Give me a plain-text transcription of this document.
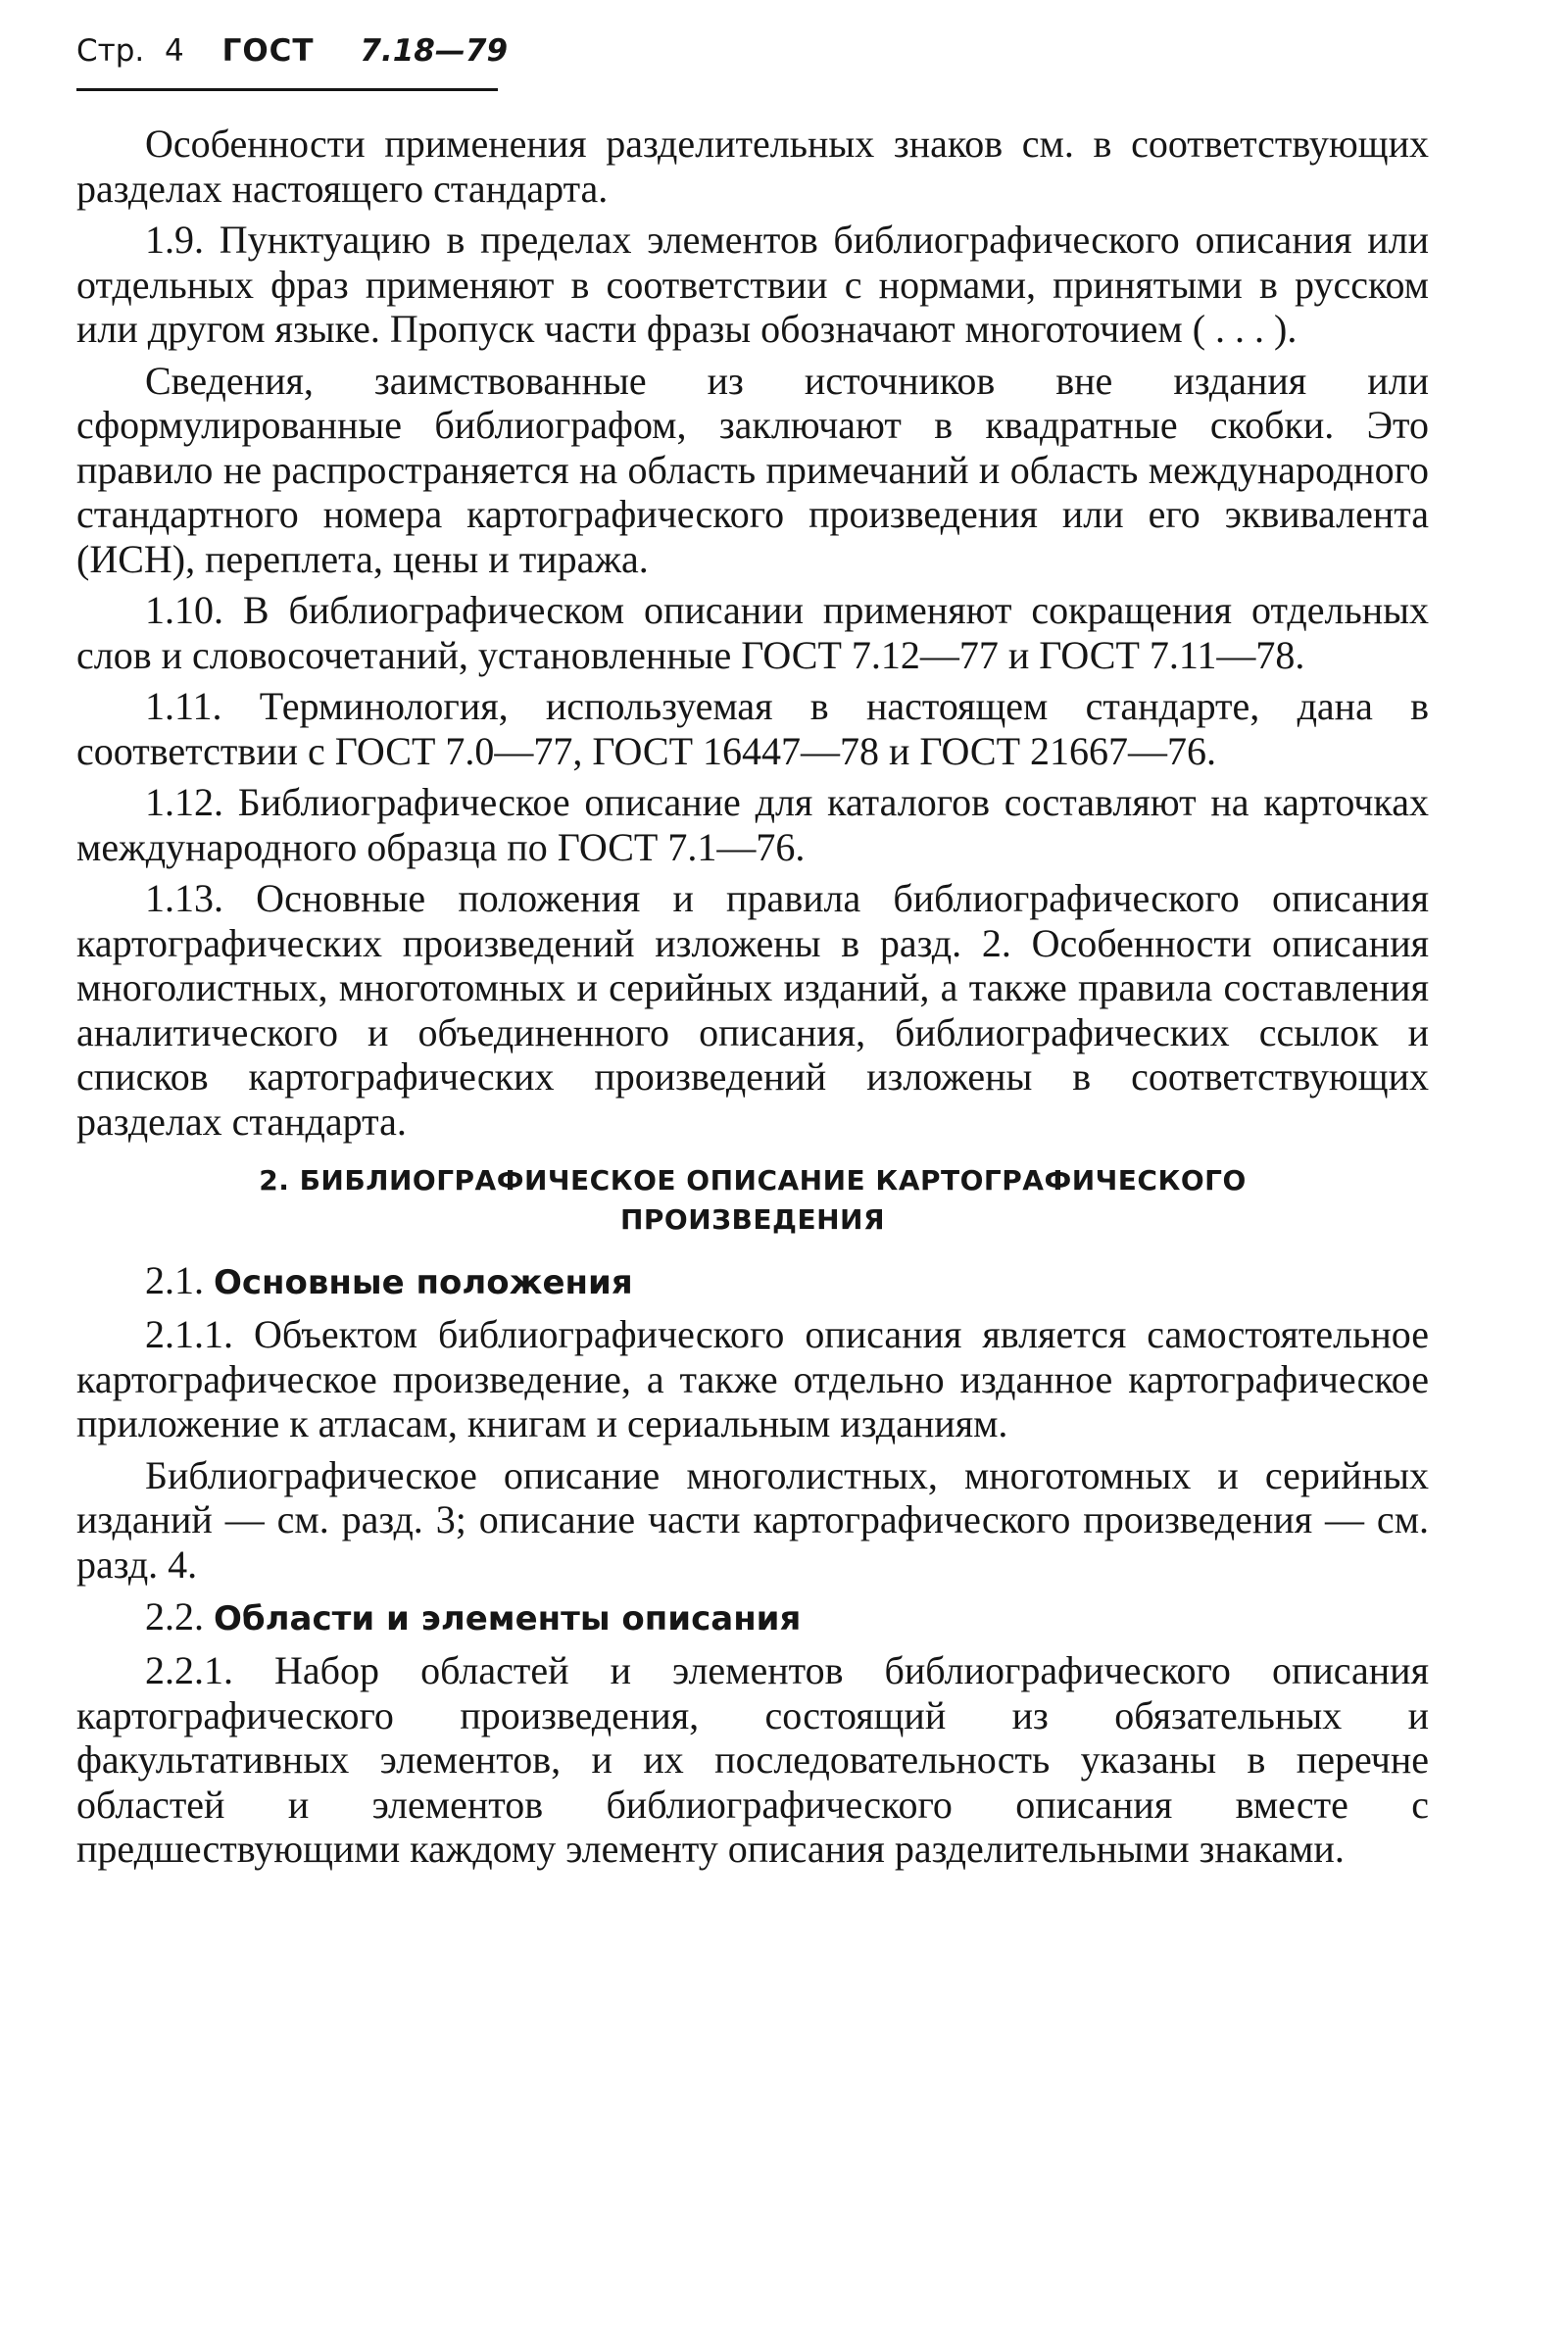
Стр. 4 ГОСТ 7.18—79

Особенности применения разделительных знаков см. в соответствующих разделах настоящего стандарта.

1.9. Пунктуацию в пределах элементов библиографического описания или отдельных фраз применяют в соответствии с нормами, принятыми в русском или другом языке. Пропуск части фразы обозначают многоточием ( . . . ).

Сведения, заимствованные из источников вне издания или сформулированные библиографом, заключают в квадратные скобки. Это правило не распространяется на область примечаний и область международного стандартного номера картографического произведения или его эквивалента (ИСН), переплета, цены и тиража.

1.10. В библиографическом описании применяют сокращения отдельных слов и словосочетаний, установленные ГОСТ 7.12—77 и ГОСТ 7.11—78.

1.11. Терминология, используемая в настоящем стандарте, дана в соответствии с ГОСТ 7.0—77, ГОСТ 16447—78 и ГОСТ 21667—76.

1.12. Библиографическое описание для каталогов составляют на карточках международного образца по ГОСТ 7.1—76.

1.13. Основные положения и правила библиографического описания картографических произведений изложены в разд. 2. Особенности описания многолистных, многотомных и серийных изданий, а также правила составления аналитического и объединенного описания, библиографических ссылок и списков картографических произведений изложены в соответствующих разделах стандарта.

2. БИБЛИОГРАФИЧЕСКОЕ ОПИСАНИЕ КАРТОГРАФИЧЕСКОГО ПРОИЗВЕДЕНИЯ
2.1. Основные положения

2.1.1. Объектом библиографического описания является самостоятельное картографическое произведение, а также отдельно изданное картографическое приложение к атласам, книгам и сериальным изданиям.

Библиографическое описание многолистных, многотомных и серийных изданий — см. разд. 3; описание части картографического произведения — см. разд. 4.

2.2. Области и элементы описания

2.2.1. Набор областей и элементов библиографического описания картографического произведения, состоящий из обязательных и факультативных элементов, и их последовательность указаны в перечне областей и элементов библиографического описания вместе с предшествующими каждому элементу описания разделительными знаками.
